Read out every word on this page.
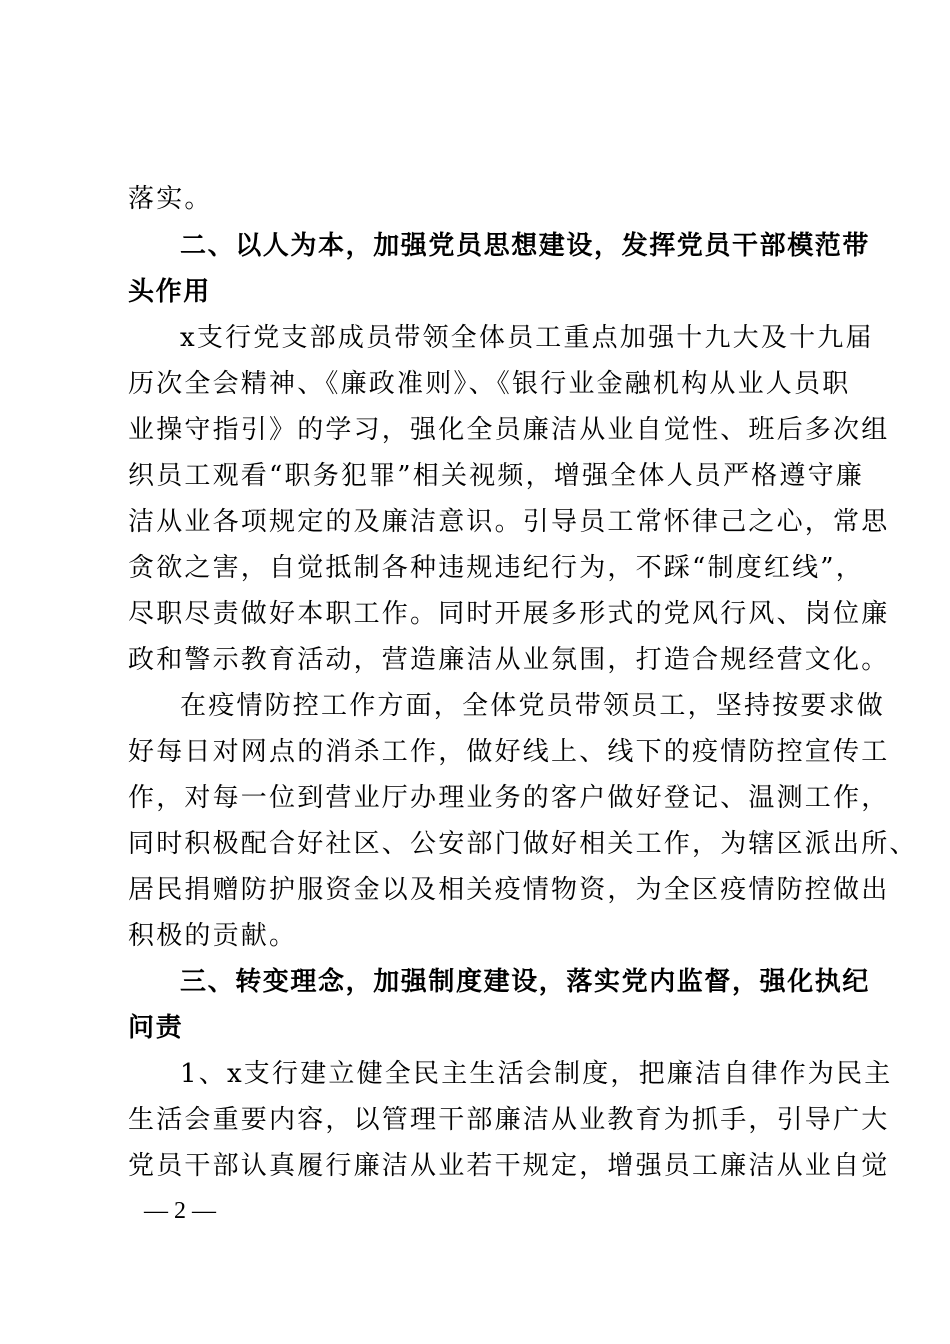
落实。
二、以人为本，加强党员思想建设，发挥党员干部模范带
头作用
x支行党支部成员带领全体员工重点加强十九大及十九届
历次全会精神、《廉政准则》、《银行业金融机构从业人员职
业操守指引》的学习，强化全员廉洁从业自觉性、班后多次组
织员工观看“职务犯罪”相关视频，增强全体人员严格遵守廉
洁从业各项规定的及廉洁意识。引导员工常怀律己之心，常思
贪欲之害，自觉抵制各种违规违纪行为，不踩“制度红线”，
尽职尽责做好本职工作。同时开展多形式的党风行风、岗位廉
政和警示教育活动，营造廉洁从业氛围，打造合规经营文化。
在疫情防控工作方面，全体党员带领员工，坚持按要求做
好每日对网点的消杀工作，做好线上、线下的疫情防控宣传工
作，对每一位到营业厅办理业务的客户做好登记、温测工作，
同时积极配合好社区、公安部门做好相关工作，为辖区派出所、
居民捐赠防护服资金以及相关疫情物资，为全区疫情防控做出
积极的贡献。
三、转变理念，加强制度建设，落实党内监督，强化执纪
问责
1、x支行建立健全民主生活会制度，把廉洁自律作为民主
生活会重要内容，以管理干部廉洁从业教育为抓手，引导广大
党员干部认真履行廉洁从业若干规定，增强员工廉洁从业自觉
— 2 —
